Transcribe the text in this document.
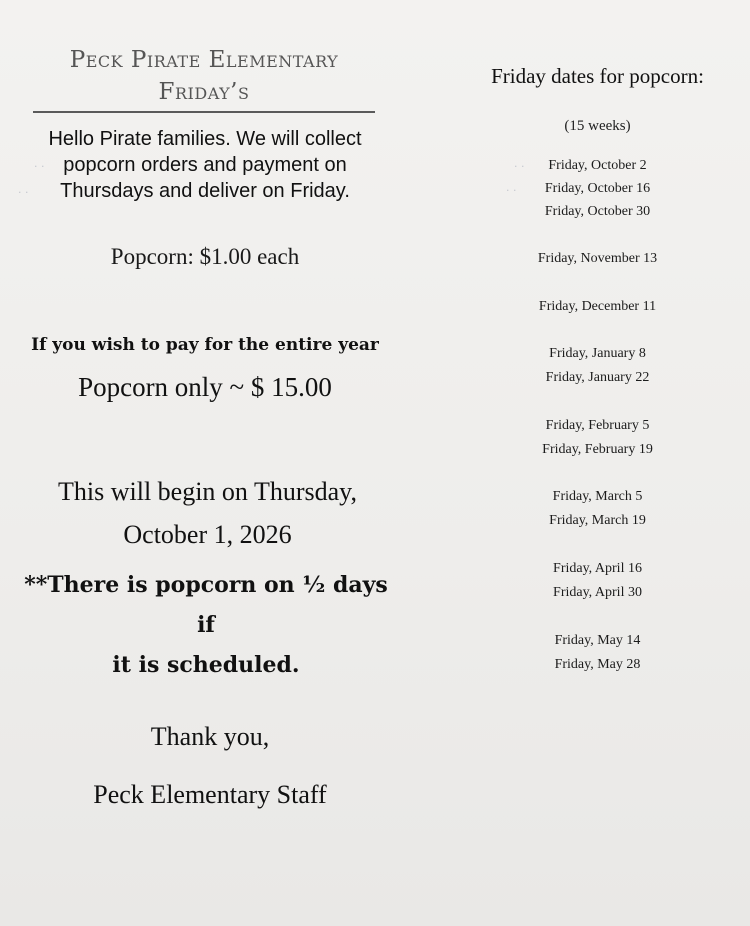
Peck Pirate Elementary
Friday’s
· ·
· ·
Hello Pirate families. We will collect popcorn orders and payment on Thursdays and deliver on Friday.
Popcorn: $1.00 each
If you wish to pay for the entire year
Popcorn only ~ $ 15.00
This will begin on Thursday,
October 1, 2026
**There is popcorn on ½ days if
it is scheduled.
Thank you,
Peck Elementary Staff
Friday dates for popcorn:
(15 weeks)
· ·
· ·
Friday, October 2
Friday, October 16
Friday, October 30
Friday, November 13
Friday, December 11
Friday, January 8
Friday, January 22
Friday, February 5
Friday, February 19
Friday, March 5
Friday, March 19
Friday, April 16
Friday, April 30
Friday, May 14
Friday, May 28
